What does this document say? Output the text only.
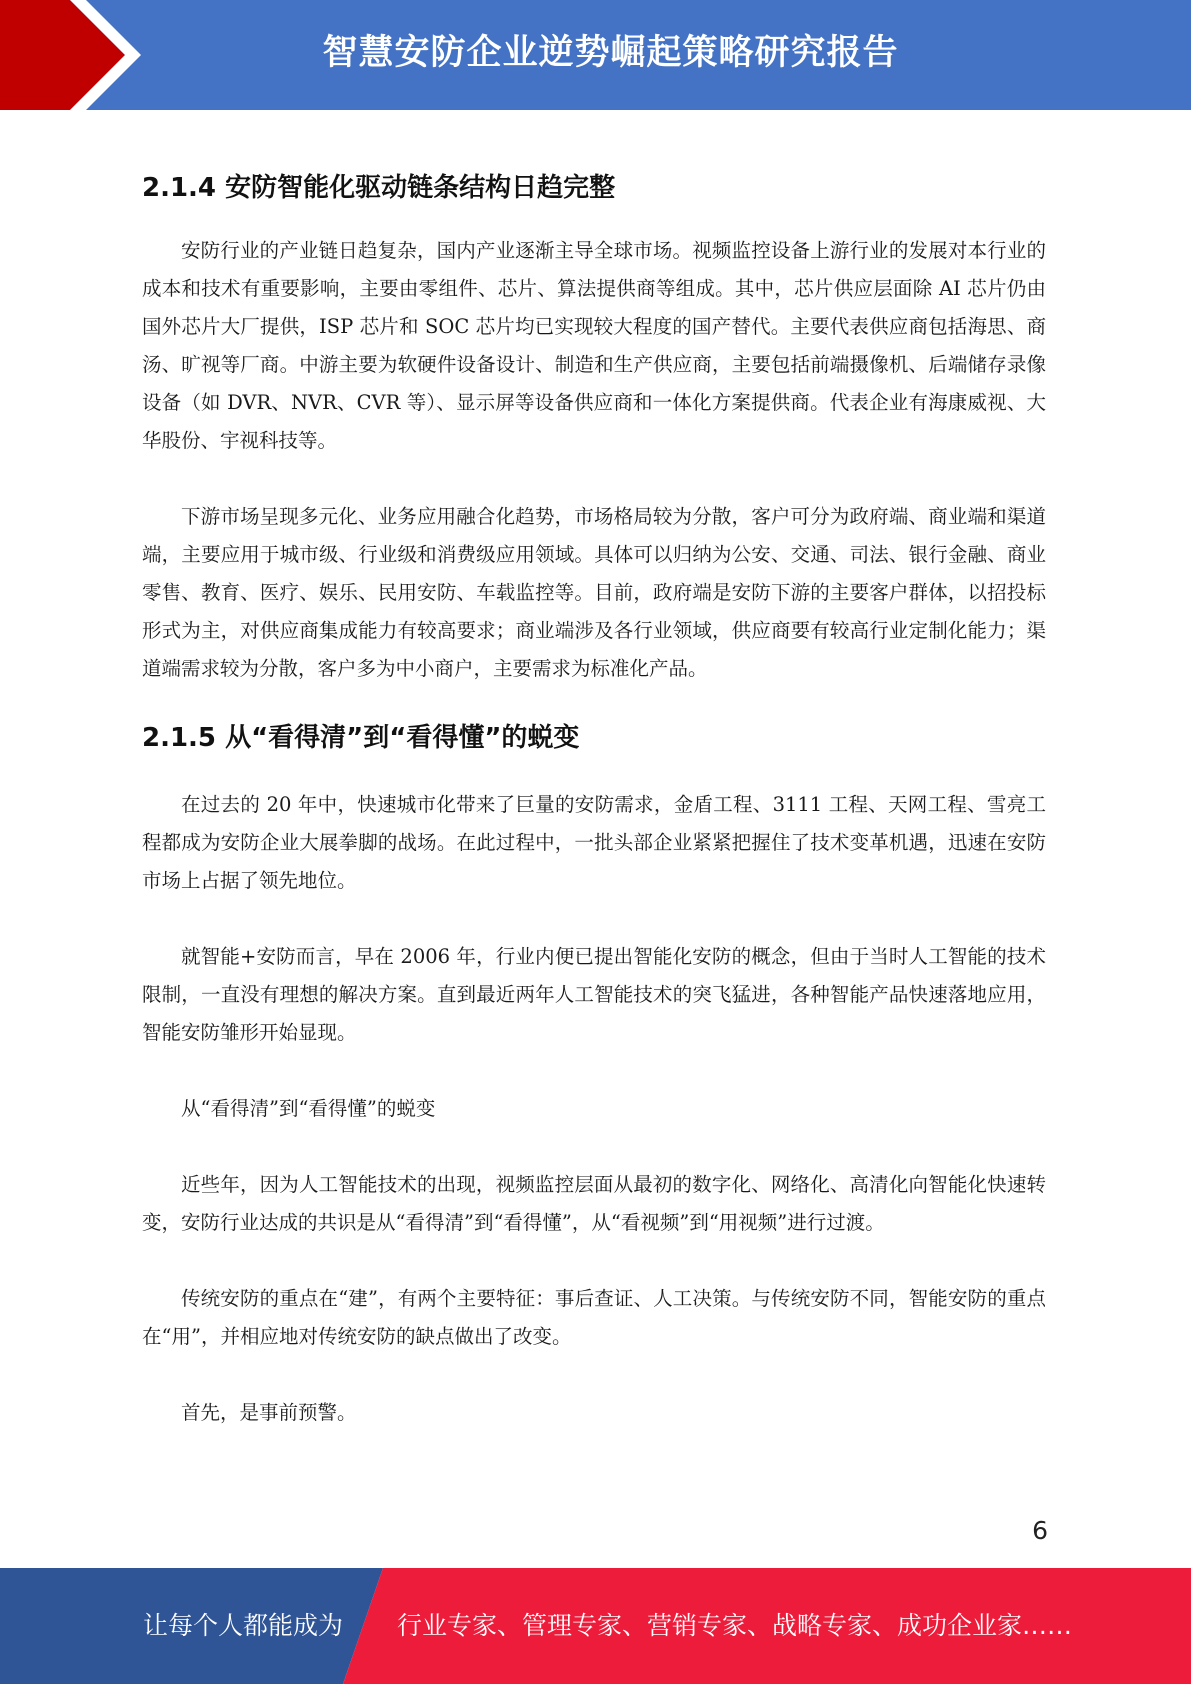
智慧安防企业逆势崛起策略研究报告
2.1.4 安防智能化驱动链条结构日趋完整

安防行业的产业链日趋复杂，国内产业逐渐主导全球市场。视频监控设备上游行业的发展对本行业的成本和技术有重要影响，主要由零组件、芯片、算法提供商等组成。其中，芯片供应层面除 AI 芯片仍由国外芯片大厂提供，ISP 芯片和 SOC 芯片均已实现较大程度的国产替代。主要代表供应商包括海思、商汤、旷视等厂商。中游主要为软硬件设备设计、制造和生产供应商，主要包括前端摄像机、后端储存录像设备（如 DVR、NVR、CVR 等）、显示屏等设备供应商和一体化方案提供商。代表企业有海康威视、大华股份、宇视科技等。

下游市场呈现多元化、业务应用融合化趋势，市场格局较为分散，客户可分为政府端、商业端和渠道端，主要应用于城市级、行业级和消费级应用领域。具体可以归纳为公安、交通、司法、银行金融、商业零售、教育、医疗、娱乐、民用安防、车载监控等。目前，政府端是安防下游的主要客户群体，以招投标形式为主，对供应商集成能力有较高要求；商业端涉及各行业领域，供应商要有较高行业定制化能力；渠道端需求较为分散，客户多为中小商户，主要需求为标准化产品。

2.1.5 从“看得清”到“看得懂”的蜕变

在过去的 20 年中，快速城市化带来了巨量的安防需求，金盾工程、3111 工程、天网工程、雪亮工程都成为安防企业大展拳脚的战场。在此过程中，一批头部企业紧紧把握住了技术变革机遇，迅速在安防市场上占据了领先地位。

就智能+安防而言，早在 2006 年，行业内便已提出智能化安防的概念，但由于当时人工智能的技术限制，一直没有理想的解决方案。直到最近两年人工智能技术的突飞猛进，各种智能产品快速落地应用，智能安防雏形开始显现。

从“看得清”到“看得懂”的蜕变

近些年，因为人工智能技术的出现，视频监控层面从最初的数字化、网络化、高清化向智能化快速转变，安防行业达成的共识是从“看得清”到“看得懂”，从“看视频”到“用视频”进行过渡。

传统安防的重点在“建”，有两个主要特征：事后查证、人工决策。与传统安防不同，智能安防的重点在“用”，并相应地对传统安防的缺点做出了改变。

首先，是事前预警。

6
让每个人都能成为 行业专家、管理专家、营销专家、战略专家、成功企业家……
